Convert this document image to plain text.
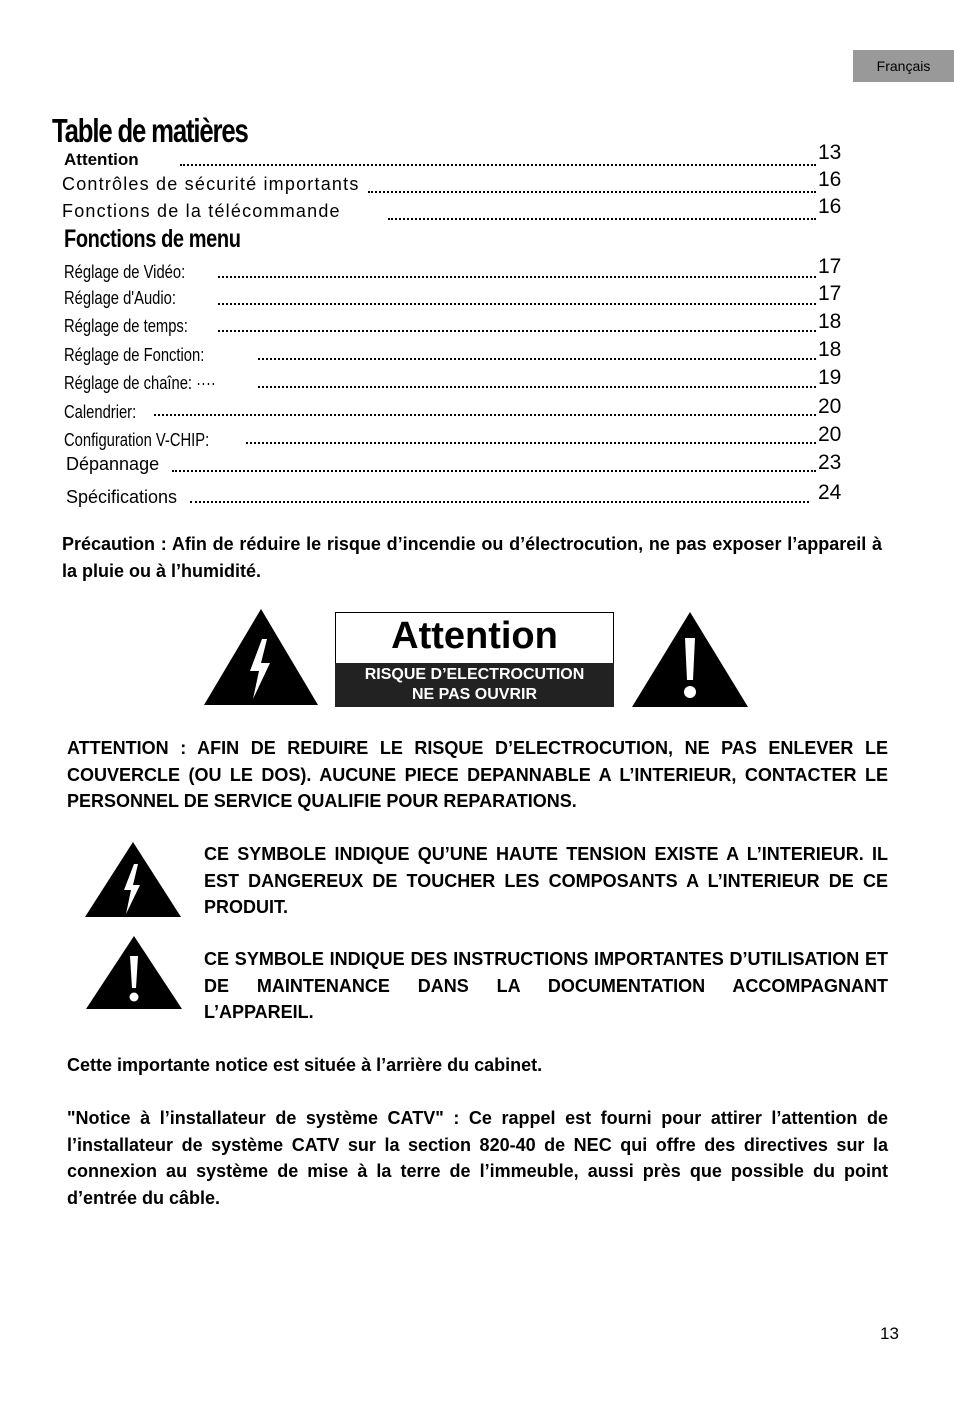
Français
Table de matières
Attention	13
Contrôles de sécurité importants	16
Fonctions de la télécommande	16
Fonctions de menu
Réglage de Vidéo:	17
Réglage d'Audio:	17
Réglage de temps:	18
Réglage de Fonction:	18
Réglage de chaîne: ····	19
Calendrier:	20
Configuration V-CHIP:	20
Dépannage	23
Spécifications	24

Précaution : Afin de réduire le risque d’incendie ou d’électrocution, ne pas exposer l’appareil à la pluie ou à l’humidité.

Attention
RISQUE D’ELECTROCUTION
NE PAS OUVRIR

ATTENTION : AFIN DE REDUIRE LE RISQUE D’ELECTROCUTION, NE PAS ENLEVER LE COUVERCLE (OU LE DOS). AUCUNE PIECE DEPANNABLE A L’INTERIEUR, CONTACTER LE PERSONNEL DE SERVICE QUALIFIE POUR REPARATIONS.

CE SYMBOLE INDIQUE QU’UNE HAUTE TENSION EXISTE A L’INTERIEUR. IL EST DANGEREUX DE TOUCHER LES COMPOSANTS A L’INTERIEUR DE CE PRODUIT.

CE SYMBOLE INDIQUE DES INSTRUCTIONS IMPORTANTES D’UTILISATION ET DE MAINTENANCE DANS LA DOCUMENTATION ACCOMPAGNANT L’APPAREIL.

Cette importante notice est située à l’arrière du cabinet.

"Notice à l’installateur de système CATV" : Ce rappel est fourni pour attirer l’attention de l’installateur de système CATV sur la section 820-40 de NEC qui offre des directives sur la connexion au système de mise à la terre de l’immeuble, aussi près que possible du point d’entrée du câble.

13
